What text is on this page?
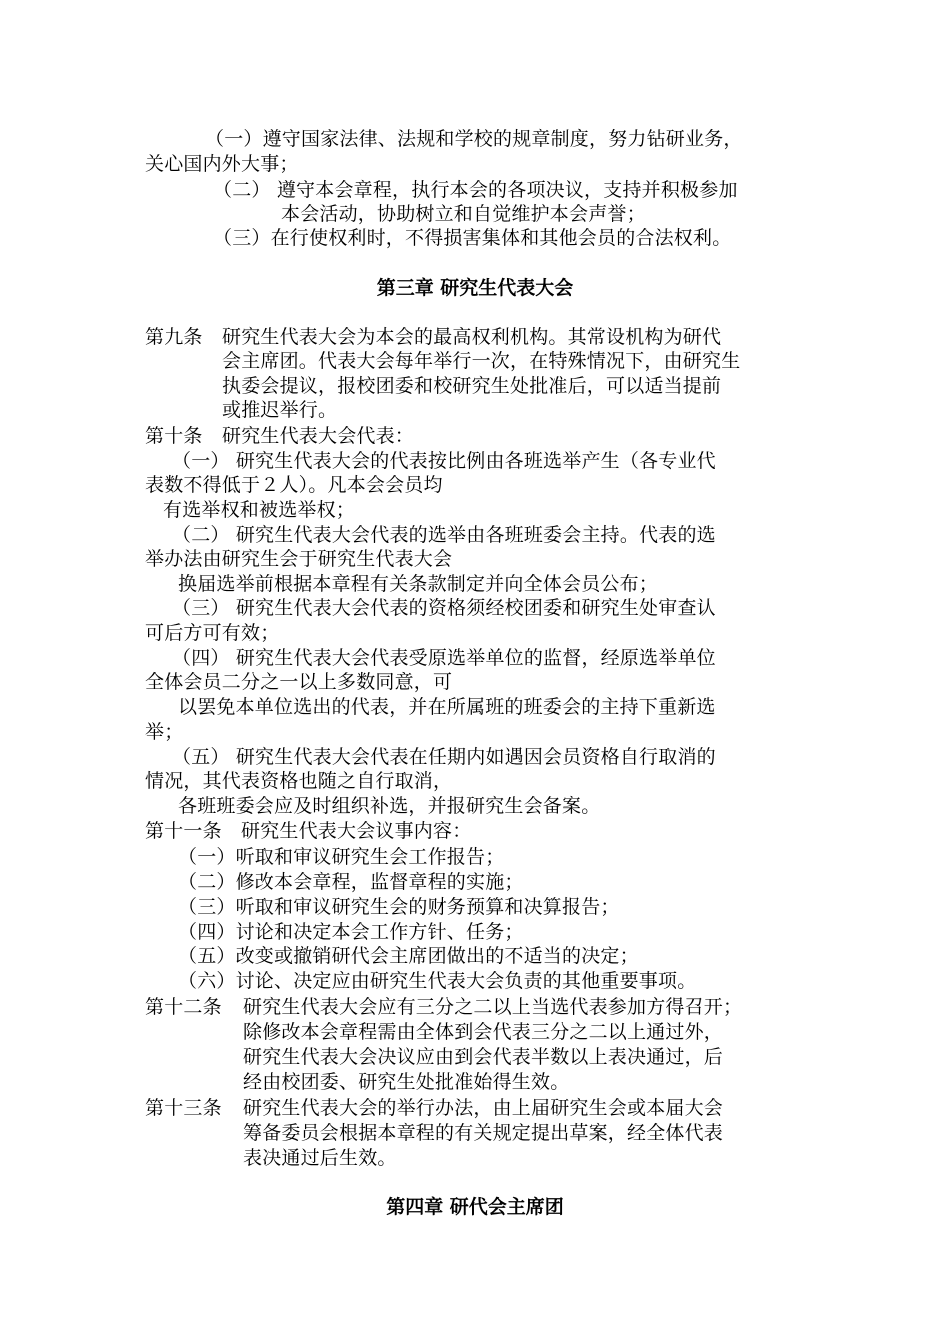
（一）遵守国家法律、法规和学校的规章制度，努力钻研业务，
关心国内外大事；
（二） 遵守本会章程，执行本会的各项决议，支持并积极参加
本会活动，协助树立和自觉维护本会声誉；
（三）在行使权利时，不得损害集体和其他会员的合法权利。
第三章 研究生代表大会
第九条 研究生代表大会为本会的最高权利机构。其常设机构为研代
会主席团。代表大会每年举行一次，在特殊情况下，由研究生
执委会提议，报校团委和校研究生处批准后，可以适当提前
或推迟举行。
第十条 研究生代表大会代表：
（一） 研究生代表大会的代表按比例由各班选举产生（各专业代
表数不得低于２人）。凡本会会员均
有选举权和被选举权；
（二） 研究生代表大会代表的选举由各班班委会主持。代表的选
举办法由研究生会于研究生代表大会
换届选举前根据本章程有关条款制定并向全体会员公布；
（三） 研究生代表大会代表的资格须经校团委和研究生处审查认
可后方可有效；
（四） 研究生代表大会代表受原选举单位的监督，经原选举单位
全体会员二分之一以上多数同意，可
以罢免本单位选出的代表，并在所属班的班委会的主持下重新选
举；
（五） 研究生代表大会代表在任期内如遇因会员资格自行取消的
情况，其代表资格也随之自行取消，
各班班委会应及时组织补选，并报研究生会备案。
第十一条 研究生代表大会议事内容：
（一）听取和审议研究生会工作报告；
（二）修改本会章程，监督章程的实施；
（三）听取和审议研究生会的财务预算和决算报告；
（四）讨论和决定本会工作方针、任务；
（五）改变或撤销研代会主席团做出的不适当的决定；
（六）讨论、决定应由研究生代表大会负责的其他重要事项。
第十二条 研究生代表大会应有三分之二以上当选代表参加方得召开；
除修改本会章程需由全体到会代表三分之二以上通过外，
研究生代表大会决议应由到会代表半数以上表决通过，后
经由校团委、研究生处批准始得生效。
第十三条 研究生代表大会的举行办法，由上届研究生会或本届大会
筹备委员会根据本章程的有关规定提出草案，经全体代表
表决通过后生效。
第四章 研代会主席团
